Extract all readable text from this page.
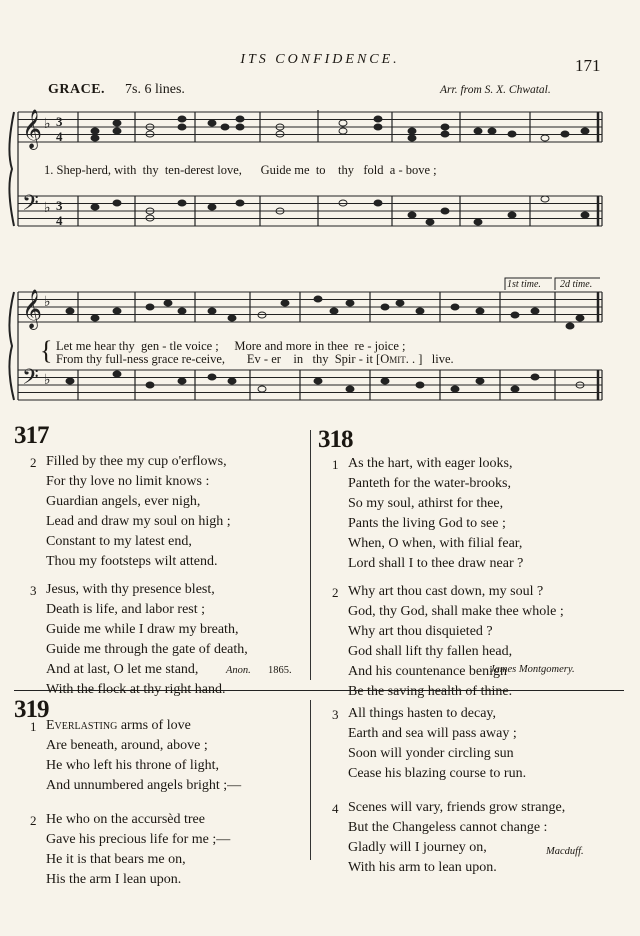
ITS CONFIDENCE.	171
GRACE. 7s. 6 lines.	Arr. from S. X. Chwatal.
𝄞
𝄢
𝄞
𝄢
♭
♭
♭
♭
3
4
3
4
1. Shep-herd, with  thy  ten-derest love,      Guide me  to    thy   fold  a - bove ;
1st time. 2d time.
{ Let me hear thy  gen - tle voice ;     More and more in thee  re - joice ;
From thy full-ness grace re-ceive,       Ev - er    in   thy  Spir - it [Omit. . ]   live.
317
2 Filled by thee my cup o'erflows,
For thy love no limit knows :
Guardian angels, ever nigh,
Lead and draw my soul on high ;
Constant to my latest end,
Thou my footsteps wilt attend.
3 Jesus, with thy presence blest,
Death is life, and labor rest ;
Guide me while I draw my breath,
Guide me through the gate of death,
And at last, O let me stand,
With the flock at thy right hand.
Anon. 1865.
318
1 As the hart, with eager looks,
Panteth for the water-brooks,
So my soul, athirst for thee,
Pants the living God to see ;
When, O when, with filial fear,
Lord shall I to thee draw near ?
2 Why art thou cast down, my soul ?
God, thy God, shall make thee whole ;
Why art thou disquieted ?
God shall lift thy fallen head,
And his countenance benign
Be the saving health of thine.
James Montgomery.
319
1 Everlasting arms of love
Are beneath, around, above ;
He who left his throne of light,
And unnumbered angels bright ;—
2 He who on the accursèd tree
Gave his precious life for me ;—
He it is that bears me on,
His the arm I lean upon.
3 All things hasten to decay,
Earth and sea will pass away ;
Soon will yonder circling sun
Cease his blazing course to run.
4 Scenes will vary, friends grow strange,
But the Changeless cannot change :
Gladly will I journey on,
With his arm to lean upon.
Macduff.
